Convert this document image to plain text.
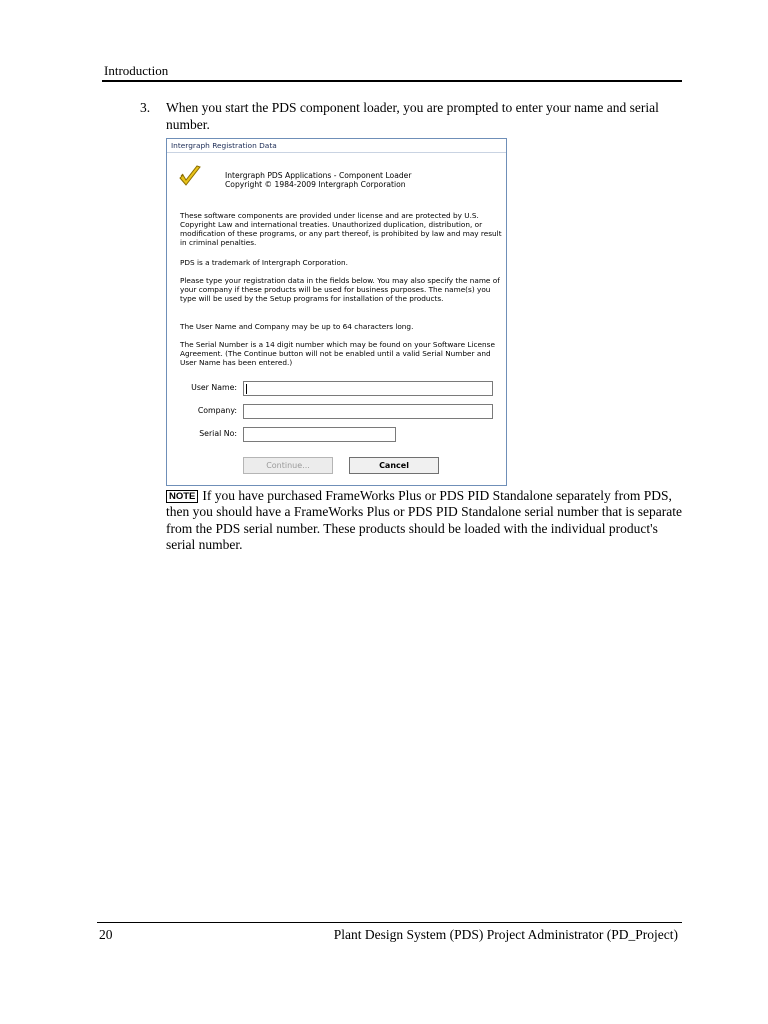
Introduction
3. When you start the PDS component loader, you are prompted to enter your name and serial number.
Intergraph Registration Data
Intergraph PDS Applications - Component Loader
Copyright © 1984-2009 Intergraph Corporation
These software components are provided under license and are protected by U.S. Copyright Law and international treaties. Unauthorized duplication, distribution, or modification of these programs, or any part thereof, is prohibited by law and may result in criminal penalties.
PDS is a trademark of Intergraph Corporation.
Please type your registration data in the fields below. You may also specify the name of your company if these products will be used for business purposes. The name(s) you type will be used by the Setup programs for installation of the products.
The User Name and Company may be up to 64 characters long.
The Serial Number is a 14 digit number which may be found on your Software License Agreement. (The Continue button will not be enabled until a valid Serial Number and User Name has been entered.)
User Name:
Company:
Serial No:
Continue...	Cancel
NOTE If you have purchased FrameWorks Plus or PDS PID Standalone separately from PDS, then you should have a FrameWorks Plus or PDS PID Standalone serial number that is separate from the PDS serial number. These products should be loaded with the individual product's serial number.
20	Plant Design System (PDS) Project Administrator (PD_Project)
